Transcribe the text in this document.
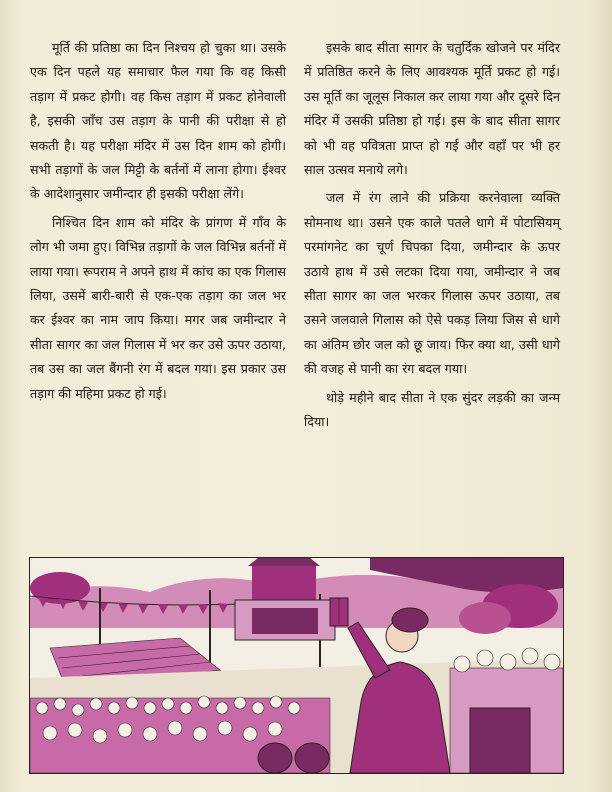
मूर्ति की प्रतिष्ठा का दिन निश्चय हो चुका था। उसके एक दिन पहले यह समाचार फैल गया कि वह किसी तड़ाग में प्रकट होगी। वह किस तड़ाग में प्रकट होनेवाली है, इसकी जाँच उस तड़ाग के पानी की परीक्षा से हो सकती है। यह परीक्षा मंदिर में उस दिन शाम को होगी। सभी तड़ागों के जल मिट्टी के बर्तनों में लाना होगा। ईश्वर के आदेशानुसार जमीन्दार ही इसकी परीक्षा लेंगे।

निश्चित दिन शाम को मंदिर के प्रांगण में गाँव के लोग भी जमा हुए। विभिन्न तड़ागों के जल विभिन्न बर्तनों में लाया गया। रूपराम ने अपने हाथ में कांच का एक गिलास लिया, उसमें बारी-बारी से एक-एक तड़ाग का जल भर कर ईश्वर का नाम जाप किया। मगर जब जमीन्दार ने सीता सागर का जल गिलास में भर कर उसे ऊपर उठाया, तब उस का जल बैंगनी रंग में बदल गया। इस प्रकार उस तड़ाग की महिमा प्रकट हो गई।

इसके बाद सीता सागर के चतुर्दिक खोजने पर मंदिर में प्रतिष्ठित करने के लिए आवश्यक मूर्ति प्रकट हो गई। उस मूर्ति का जूलूस निकाल कर लाया गया और दूसरे दिन मंदिर में उसकी प्रतिष्ठा हो गई। इस के बाद सीता सागर को भी वह पवित्रता प्राप्त हो गई और वहाँ पर भी हर साल उत्सव मनाये लगे।

जल में रंग लाने की प्रक्रिया करनेवाला व्यक्ति सोमनाथ था। उसने एक काले पतले धागे में पोटासियम् परमांगनेट का चूर्ण चिपका दिया, जमीन्दार के ऊपर उठाये हाथ में उसे लटका दिया गया, जमीन्दार ने जब सीता सागर का जल भरकर गिलास ऊपर उठाया, तब उसने जलवाले गिलास को ऐसे पकड़ लिया जिस से धागे का अंतिम छोर जल को छू जाय। फिर क्या था, उसी धागे की वजह से पानी का रंग बदल गया।

थोड़े महीने बाद सीता ने एक सुंदर लड़की का जन्म दिया।
